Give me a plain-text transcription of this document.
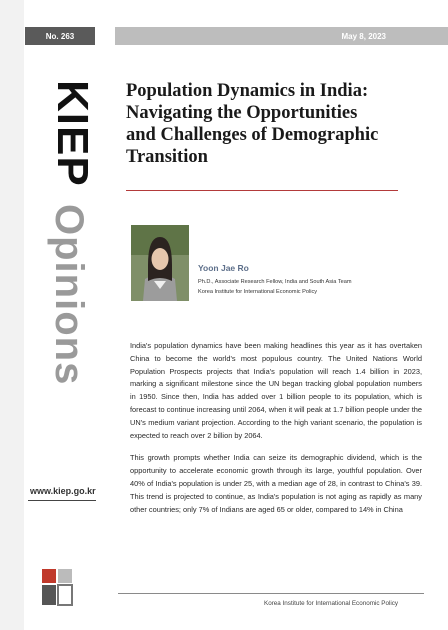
No. 263	May 8, 2023
KIEP
Opinions
www.kiep.go.kr
Population Dynamics in India:
Navigating the Opportunities
and Challenges of Demographic
Transition
Yoon Jae Ro
Ph.D., Associate Research Fellow, India and South Asia Team
Korea Institute for International Economic Policy

India's population dynamics have been making headlines this year as it has overtaken China to become the world's most populous country. The United Nations World Population Prospects projects that India's population will reach 1.4 billion in 2023, marking a significant milestone since the UN began tracking global population numbers in 1950. Since then, India has added over 1 billion people to its population, which is forecast to continue increasing until 2064, when it will peak at 1.7 billion people under the UN's medium variant projection. According to the high variant scenario, the population is expected to reach over 2 billion by 2064.

This growth prompts whether India can seize its demographic dividend, which is the opportunity to accelerate economic growth through its large, youthful population. Over 40% of India's population is under 25, with a median age of 28, in contrast to China's 39. This trend is projected to continue, as India's population is not aging as rapidly as many other countries; only 7% of Indians are aged 65 or older, compared to 14% in China

Korea Institute for International Economic Policy
